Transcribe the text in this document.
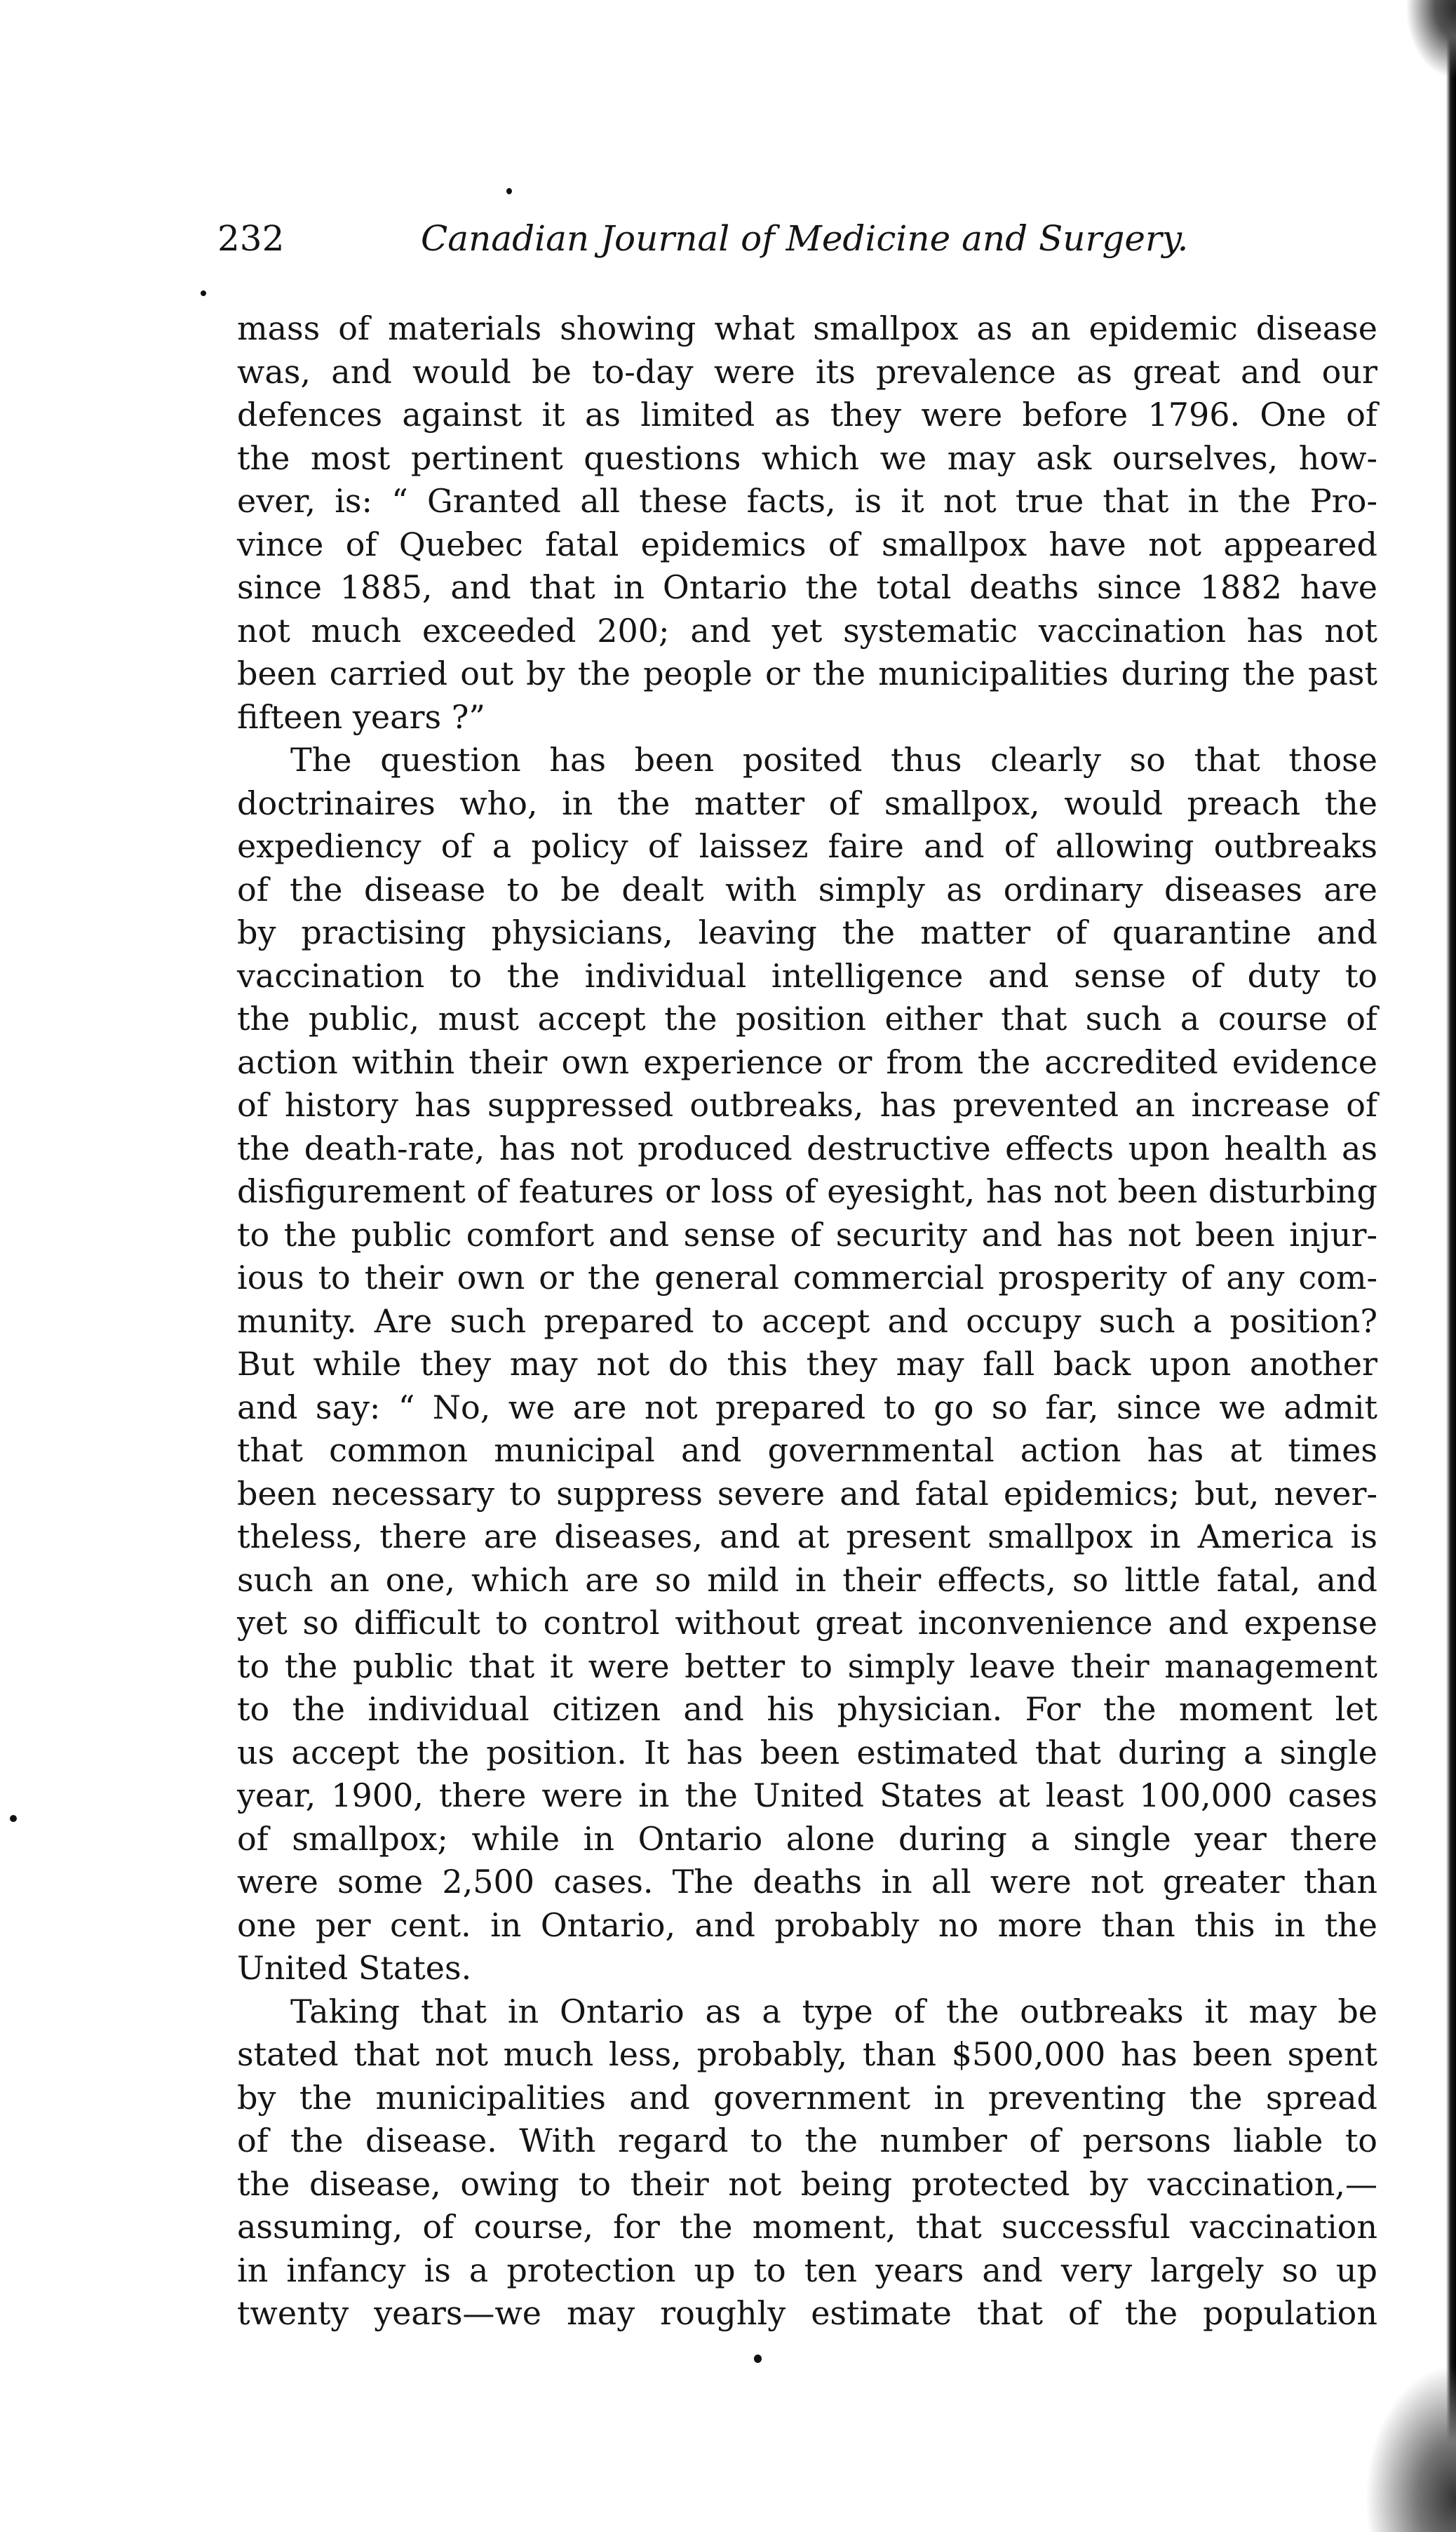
232	Canadian Journal of Medicine and Surgery.
mass of materials showing what smallpox as an epidemic disease
was, and would be to-day were its prevalence as great and our
defences against it as limited as they were before 1796. One of
the most pertinent questions which we may ask ourselves, how-
ever, is: “ Granted all these facts, is it not true that in the Pro-
vince of Quebec fatal epidemics of smallpox have not appeared
since 1885, and that in Ontario the total deaths since 1882 have
not much exceeded 200; and yet systematic vaccination has not
been carried out by the people or the municipalities during the past
fifteen years ?”
The question has been posited thus clearly so that those
doctrinaires who, in the matter of smallpox, would preach the
expediency of a policy of laissez faire and of allowing outbreaks
of the disease to be dealt with simply as ordinary diseases are
by practising physicians, leaving the matter of quarantine and
vaccination to the individual intelligence and sense of duty to
the public, must accept the position either that such a course of
action within their own experience or from the accredited evidence
of history has suppressed outbreaks, has prevented an increase of
the death-rate, has not produced destructive effects upon health as
disfigurement of features or loss of eyesight, has not been disturbing
to the public comfort and sense of security and has not been injur-
ious to their own or the general commercial prosperity of any com-
munity. Are such prepared to accept and occupy such a position?
But while they may not do this they may fall back upon another
and say: “ No, we are not prepared to go so far, since we admit
that common municipal and governmental action has at times
been necessary to suppress severe and fatal epidemics; but, never-
theless, there are diseases, and at present smallpox in America is
such an one, which are so mild in their effects, so little fatal, and
yet so difficult to control without great inconvenience and expense
to the public that it were better to simply leave their management
to the individual citizen and his physician. For the moment let
us accept the position. It has been estimated that during a single
year, 1900, there were in the United States at least 100,000 cases
of smallpox; while in Ontario alone during a single year there
were some 2,500 cases. The deaths in all were not greater than
one per cent. in Ontario, and probably no more than this in the
United States.
Taking that in Ontario as a type of the outbreaks it may be
stated that not much less, probably, than $500,000 has been spent
by the municipalities and government in preventing the spread
of the disease. With regard to the number of persons liable to
the disease, owing to their not being protected by vaccination,—
assuming, of course, for the moment, that successful vaccination
in infancy is a protection up to ten years and very largely so up
twenty years—we may roughly estimate that of the population
